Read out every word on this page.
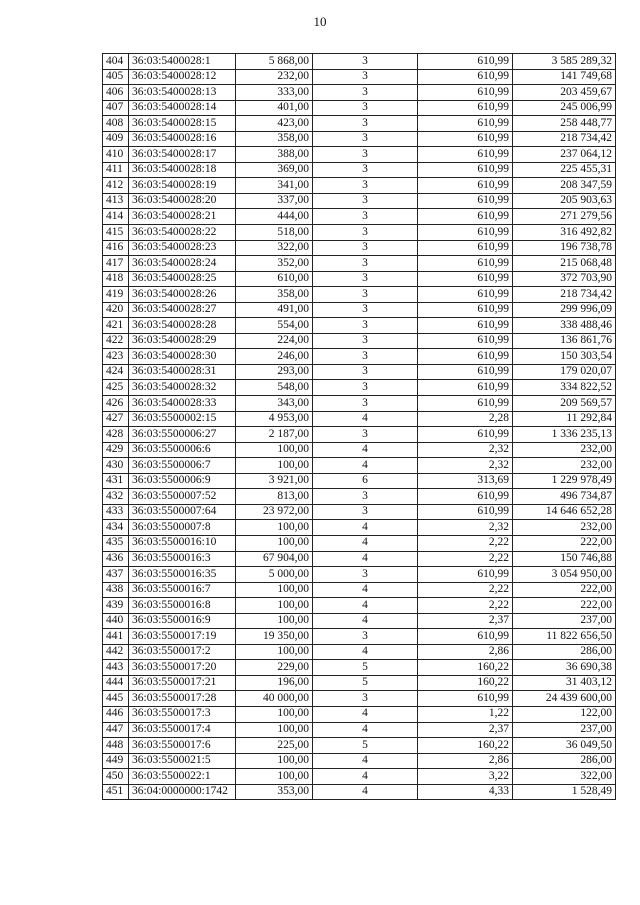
10
404	36:03:5400028:1	5 868,00	3	610,99	3 585 289,32
405	36:03:5400028:12	232,00	3	610,99	141 749,68
406	36:03:5400028:13	333,00	3	610,99	203 459,67
407	36:03:5400028:14	401,00	3	610,99	245 006,99
408	36:03:5400028:15	423,00	3	610,99	258 448,77
409	36:03:5400028:16	358,00	3	610,99	218 734,42
410	36:03:5400028:17	388,00	3	610,99	237 064,12
411	36:03:5400028:18	369,00	3	610,99	225 455,31
412	36:03:5400028:19	341,00	3	610,99	208 347,59
413	36:03:5400028:20	337,00	3	610,99	205 903,63
414	36:03:5400028:21	444,00	3	610,99	271 279,56
415	36:03:5400028:22	518,00	3	610,99	316 492,82
416	36:03:5400028:23	322,00	3	610,99	196 738,78
417	36:03:5400028:24	352,00	3	610,99	215 068,48
418	36:03:5400028:25	610,00	3	610,99	372 703,90
419	36:03:5400028:26	358,00	3	610,99	218 734,42
420	36:03:5400028:27	491,00	3	610,99	299 996,09
421	36:03:5400028:28	554,00	3	610,99	338 488,46
422	36:03:5400028:29	224,00	3	610,99	136 861,76
423	36:03:5400028:30	246,00	3	610,99	150 303,54
424	36:03:5400028:31	293,00	3	610,99	179 020,07
425	36:03:5400028:32	548,00	3	610,99	334 822,52
426	36:03:5400028:33	343,00	3	610,99	209 569,57
427	36:03:5500002:15	4 953,00	4	2,28	11 292,84
428	36:03:5500006:27	2 187,00	3	610,99	1 336 235,13
429	36:03:5500006:6	100,00	4	2,32	232,00
430	36:03:5500006:7	100,00	4	2,32	232,00
431	36:03:5500006:9	3 921,00	6	313,69	1 229 978,49
432	36:03:5500007:52	813,00	3	610,99	496 734,87
433	36:03:5500007:64	23 972,00	3	610,99	14 646 652,28
434	36:03:5500007:8	100,00	4	2,32	232,00
435	36:03:5500016:10	100,00	4	2,22	222,00
436	36:03:5500016:3	67 904,00	4	2,22	150 746,88
437	36:03:5500016:35	5 000,00	3	610,99	3 054 950,00
438	36:03:5500016:7	100,00	4	2,22	222,00
439	36:03:5500016:8	100,00	4	2,22	222,00
440	36:03:5500016:9	100,00	4	2,37	237,00
441	36:03:5500017:19	19 350,00	3	610,99	11 822 656,50
442	36:03:5500017:2	100,00	4	2,86	286,00
443	36:03:5500017:20	229,00	5	160,22	36 690,38
444	36:03:5500017:21	196,00	5	160,22	31 403,12
445	36:03:5500017:28	40 000,00	3	610,99	24 439 600,00
446	36:03:5500017:3	100,00	4	1,22	122,00
447	36:03:5500017:4	100,00	4	2,37	237,00
448	36:03:5500017:6	225,00	5	160,22	36 049,50
449	36:03:5500021:5	100,00	4	2,86	286,00
450	36:03:5500022:1	100,00	4	3,22	322,00
451	36:04:0000000:1742	353,00	4	4,33	1 528,49
